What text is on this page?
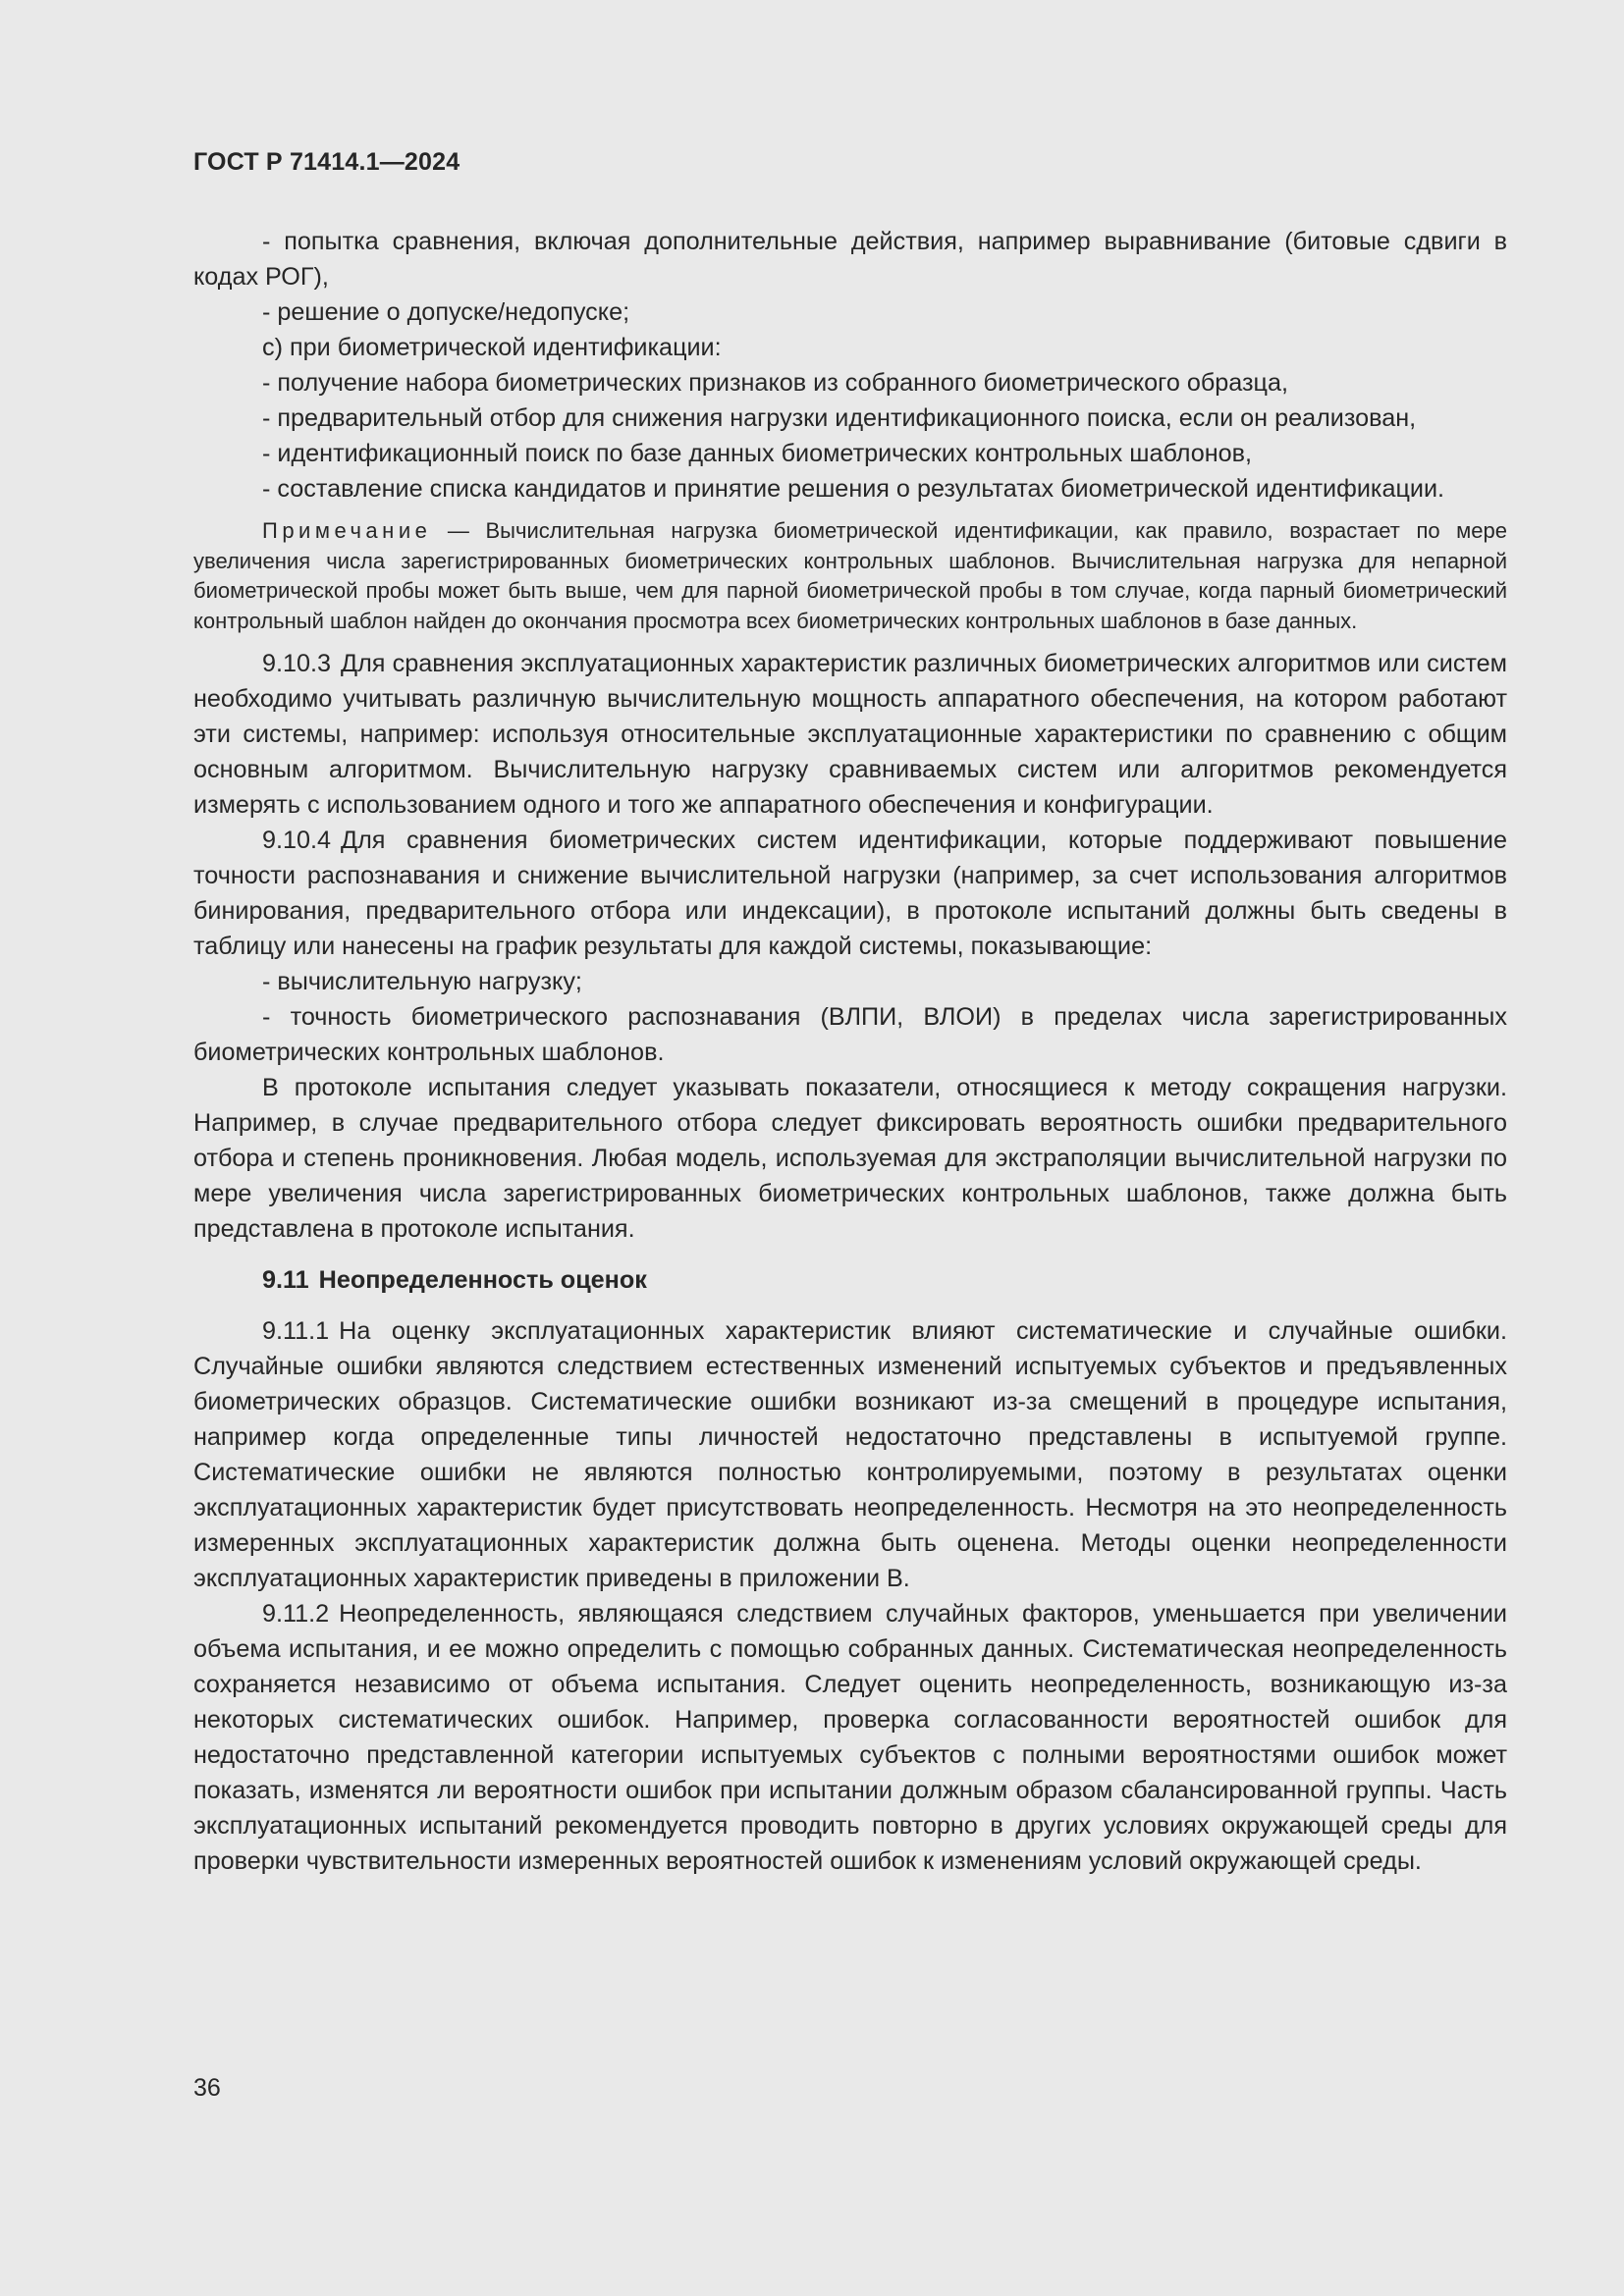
ГОСТ Р 71414.1—2024

- попытка сравнения, включая дополнительные действия, например выравнивание (битовые сдвиги в кодах РОГ),

- решение о допуске/недопуске;

c) при биометрической идентификации:

- получение набора биометрических признаков из собранного биометрического образца,

- предварительный отбор для снижения нагрузки идентификационного поиска, если он реализован,

- идентификационный поиск по базе данных биометрических контрольных шаблонов,

- составление списка кандидатов и принятие решения о результатах биометрической идентификации.

Примечание — Вычислительная нагрузка биометрической идентификации, как правило, возрастает по мере увеличения числа зарегистрированных биометрических контрольных шаблонов. Вычислительная нагрузка для непарной биометрической пробы может быть выше, чем для парной биометрической пробы в том случае, когда парный биометрический контрольный шаблон найден до окончания просмотра всех биометрических контрольных шаблонов в базе данных.

9.10.3 Для сравнения эксплуатационных характеристик различных биометрических алгоритмов или систем необходимо учитывать различную вычислительную мощность аппаратного обеспечения, на котором работают эти системы, например: используя относительные эксплуатационные характеристики по сравнению с общим основным алгоритмом. Вычислительную нагрузку сравниваемых систем или алгоритмов рекомендуется измерять с использованием одного и того же аппаратного обеспечения и конфигурации.

9.10.4 Для сравнения биометрических систем идентификации, которые поддерживают повышение точности распознавания и снижение вычислительной нагрузки (например, за счет использования алгоритмов бинирования, предварительного отбора или индексации), в протоколе испытаний должны быть сведены в таблицу или нанесены на график результаты для каждой системы, показывающие:

- вычислительную нагрузку;

- точность биометрического распознавания (ВЛПИ, ВЛОИ) в пределах числа зарегистрированных биометрических контрольных шаблонов.

В протоколе испытания следует указывать показатели, относящиеся к методу сокращения нагрузки. Например, в случае предварительного отбора следует фиксировать вероятность ошибки предварительного отбора и степень проникновения. Любая модель, используемая для экстраполяции вычислительной нагрузки по мере увеличения числа зарегистрированных биометрических контрольных шаблонов, также должна быть представлена в протоколе испытания.

9.11 Неопределенность оценок

9.11.1 На оценку эксплуатационных характеристик влияют систематические и случайные ошибки. Случайные ошибки являются следствием естественных изменений испытуемых субъектов и предъявленных биометрических образцов. Систематические ошибки возникают из-за смещений в процедуре испытания, например когда определенные типы личностей недостаточно представлены в испытуемой группе. Систематические ошибки не являются полностью контролируемыми, поэтому в результатах оценки эксплуатационных характеристик будет присутствовать неопределенность. Несмотря на это неопределенность измеренных эксплуатационных характеристик должна быть оценена. Методы оценки неопределенности эксплуатационных характеристик приведены в приложении В.

9.11.2 Неопределенность, являющаяся следствием случайных факторов, уменьшается при увеличении объема испытания, и ее можно определить с помощью собранных данных. Систематическая неопределенность сохраняется независимо от объема испытания. Следует оценить неопределенность, возникающую из-за некоторых систематических ошибок. Например, проверка согласованности вероятностей ошибок для недостаточно представленной категории испытуемых субъектов с полными вероятностями ошибок может показать, изменятся ли вероятности ошибок при испытании должным образом сбалансированной группы. Часть эксплуатационных испытаний рекомендуется проводить повторно в других условиях окружающей среды для проверки чувствительности измеренных вероятностей ошибок к изменениям условий окружающей среды.

36
